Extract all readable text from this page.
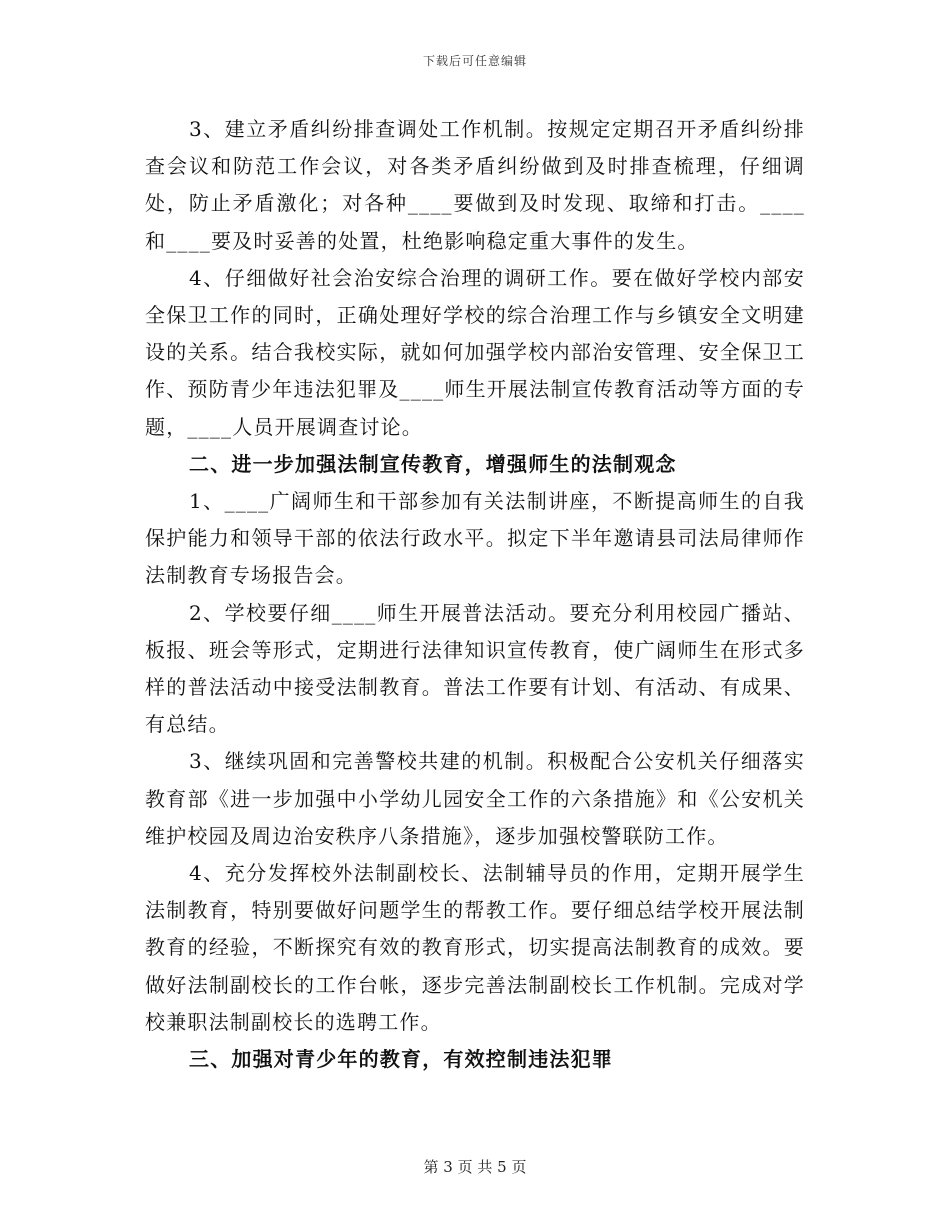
下载后可任意编辑

3、建立矛盾纠纷排查调处工作机制。按规定定期召开矛盾纠纷排查会议和防范工作会议，对各类矛盾纠纷做到及时排查梳理，仔细调处，防止矛盾激化；对各种____要做到及时发现、取缔和打击。____和____要及时妥善的处置，杜绝影响稳定重大事件的发生。

4、仔细做好社会治安综合治理的调研工作。要在做好学校内部安全保卫工作的同时，正确处理好学校的综合治理工作与乡镇安全文明建设的关系。结合我校实际，就如何加强学校内部治安管理、安全保卫工作、预防青少年违法犯罪及____师生开展法制宣传教育活动等方面的专题，____人员开展调查讨论。

二、进一步加强法制宣传教育，增强师生的法制观念

1、____广阔师生和干部参加有关法制讲座，不断提高师生的自我保护能力和领导干部的依法行政水平。拟定下半年邀请县司法局律师作法制教育专场报告会。

2、学校要仔细____师生开展普法活动。要充分利用校园广播站、板报、班会等形式，定期进行法律知识宣传教育，使广阔师生在形式多样的普法活动中接受法制教育。普法工作要有计划、有活动、有成果、有总结。

3、继续巩固和完善警校共建的机制。积极配合公安机关仔细落实教育部《进一步加强中小学幼儿园安全工作的六条措施》和《公安机关维护校园及周边治安秩序八条措施》，逐步加强校警联防工作。

4、充分发挥校外法制副校长、法制辅导员的作用，定期开展学生法制教育，特别要做好问题学生的帮教工作。要仔细总结学校开展法制教育的经验，不断探究有效的教育形式，切实提高法制教育的成效。要做好法制副校长的工作台帐，逐步完善法制副校长工作机制。完成对学校兼职法制副校长的选聘工作。

三、加强对青少年的教育，有效控制违法犯罪

第 3 页 共 5 页
